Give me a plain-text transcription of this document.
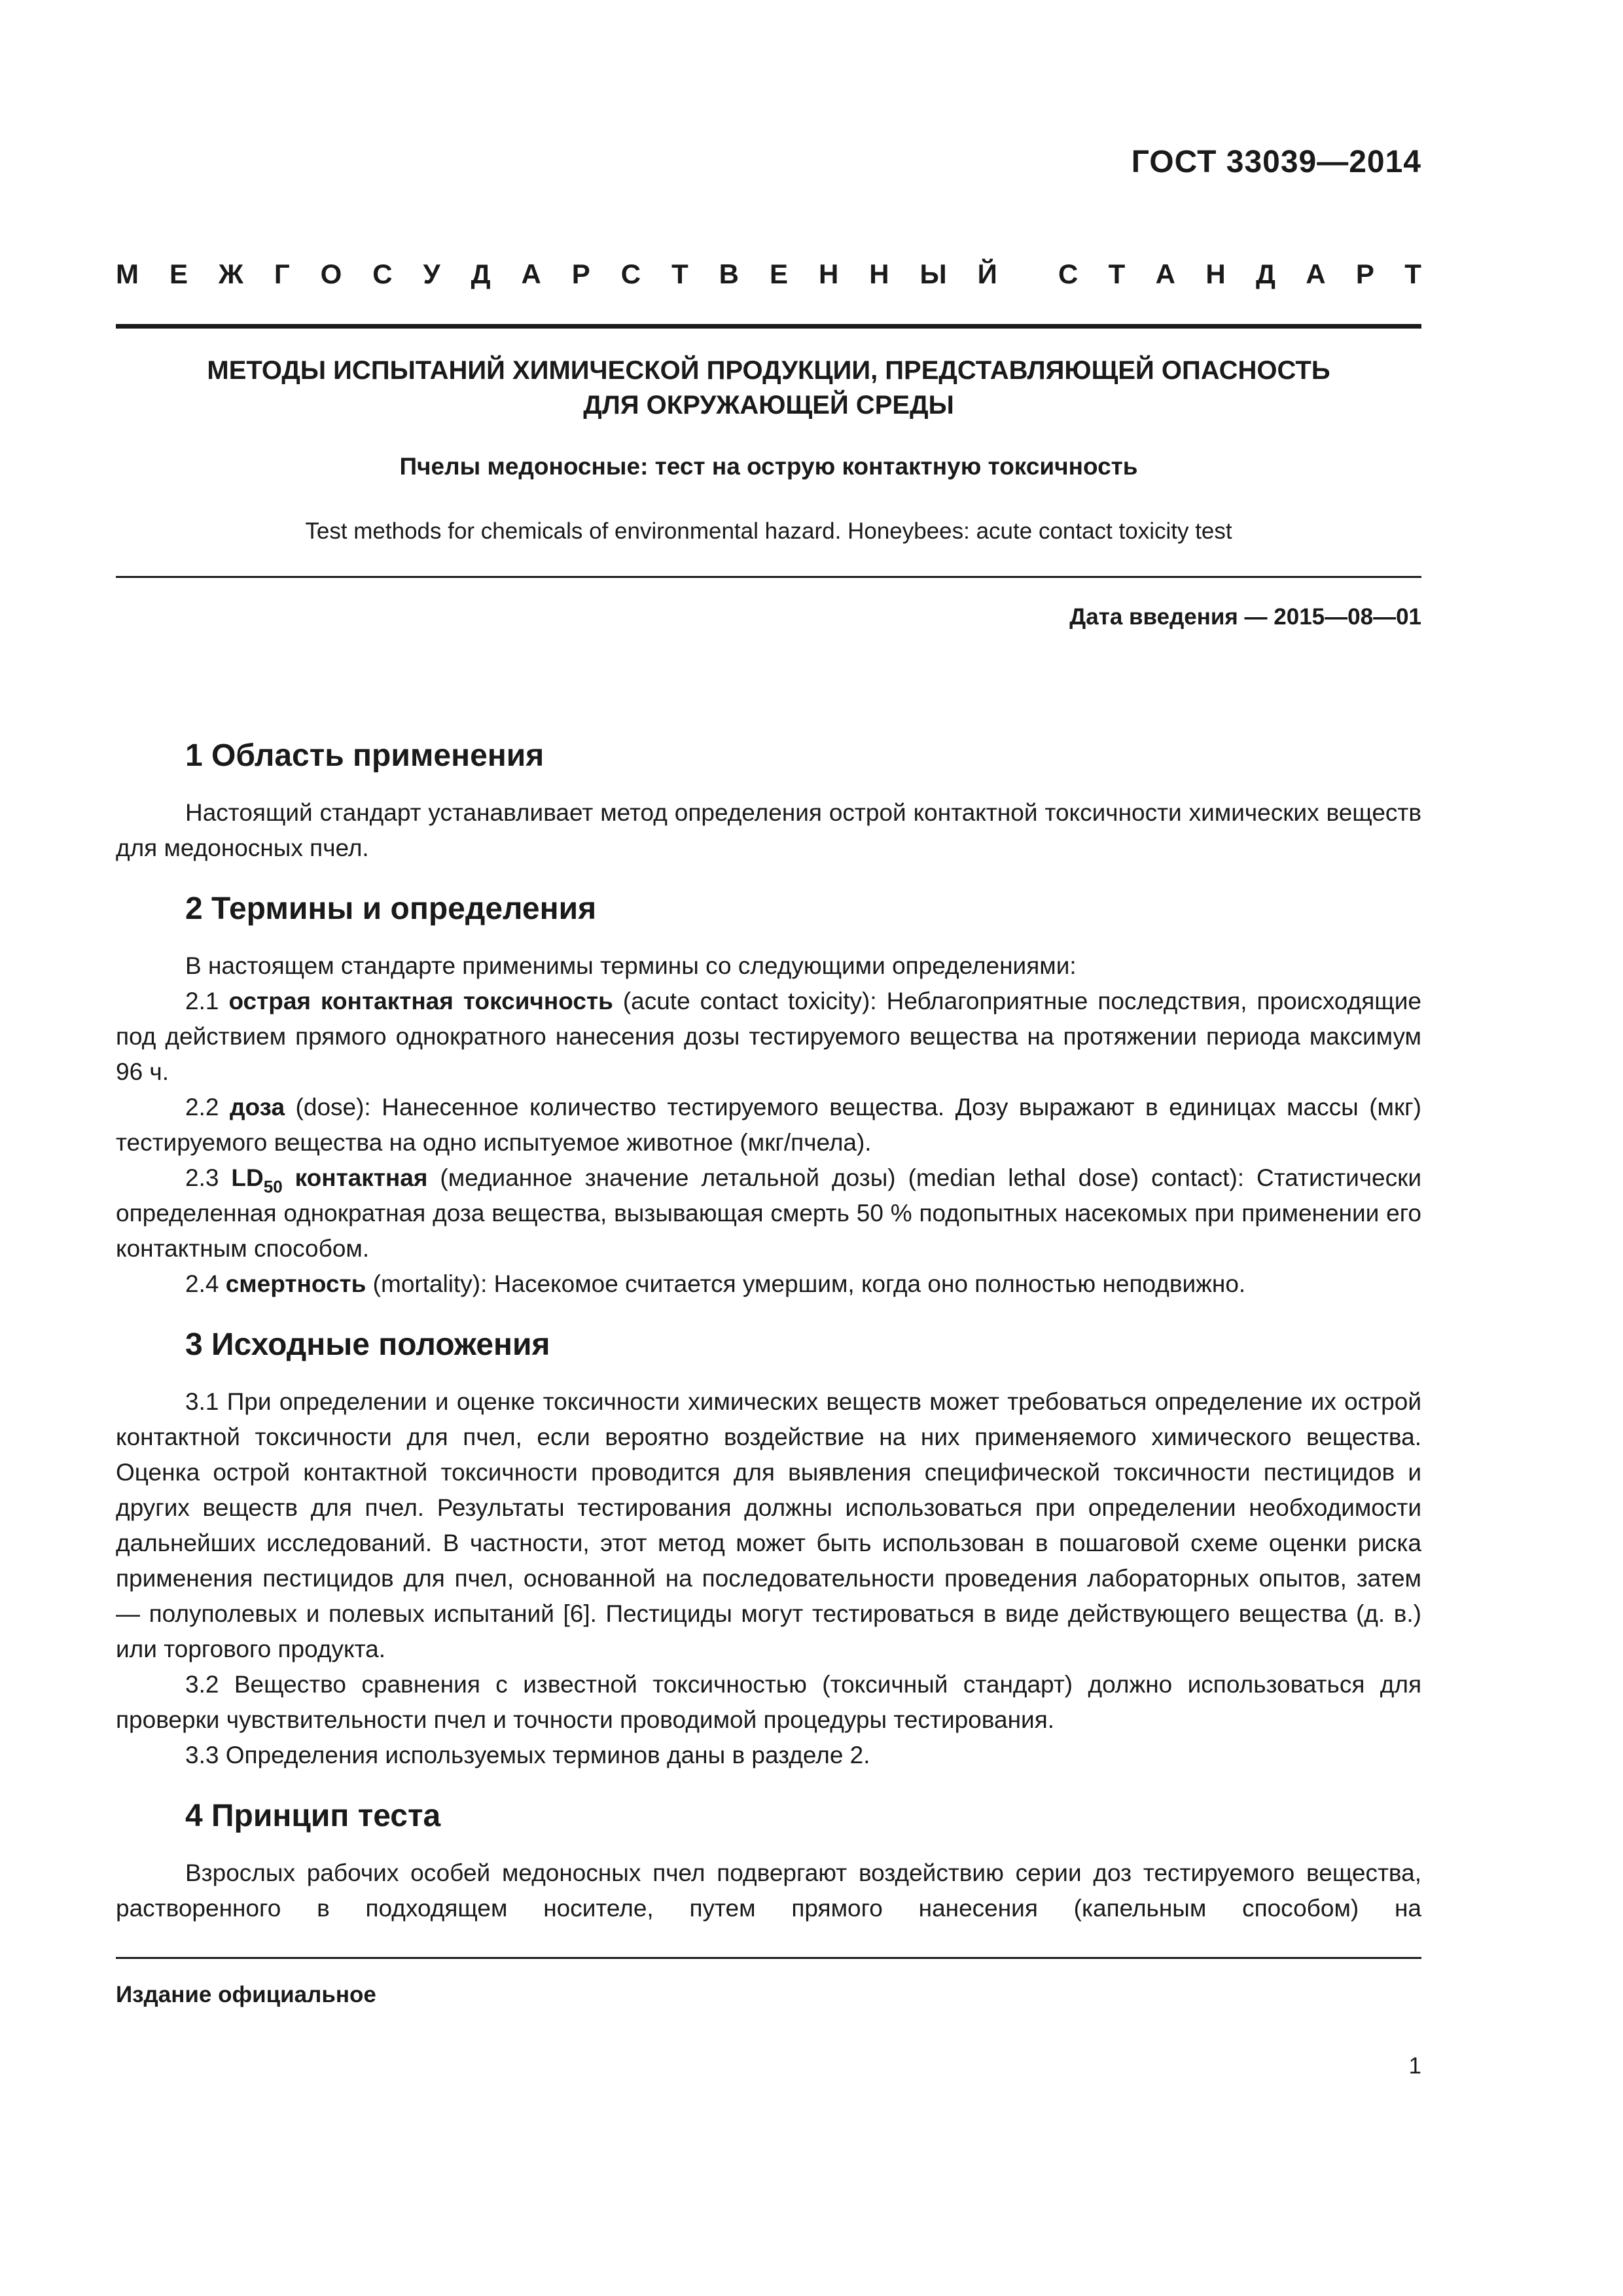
ГОСТ 33039—2014
М Е Ж Г О С У Д А Р С Т В Е Н Н Ы Й С Т А Н Д А Р Т
МЕТОДЫ ИСПЫТАНИЙ ХИМИЧЕСКОЙ ПРОДУКЦИИ, ПРЕДСТАВЛЯЮЩЕЙ ОПАСНОСТЬ
ДЛЯ ОКРУЖАЮЩЕЙ СРЕДЫ
Пчелы медоносные: тест на острую контактную токсичность
Test methods for chemicals of environmental hazard. Honeybees: acute contact toxicity test
Дата введения — 2015—08—01
1 Область применения

Настоящий стандарт устанавливает метод определения острой контактной токсичности химических веществ для медоносных пчел.

2 Термины и определения

В настоящем стандарте применимы термины со следующими определениями:

2.1 острая контактная токсичность (acute contact toxicity): Неблагоприятные последствия, происходящие под действием прямого однократного нанесения дозы тестируемого вещества на протяжении периода максимум 96 ч.

2.2 доза (dose): Нанесенное количество тестируемого вещества. Дозу выражают в единицах массы (мкг) тестируемого вещества на одно испытуемое животное (мкг/пчела).

2.3 $LD_{50}$ контактная (медианное значение летальной дозы) (median lethal dose) contact): Статистически определенная однократная доза вещества, вызывающая смерть 50 % подопытных насекомых при применении его контактным способом.

2.4 смертность (mortality): Насекомое считается умершим, когда оно полностью неподвижно.

3 Исходные положения

3.1 При определении и оценке токсичности химических веществ может требоваться определение их острой контактной токсичности для пчел, если вероятно воздействие на них применяемого химического вещества. Оценка острой контактной токсичности проводится для выявления специфической токсичности пестицидов и других веществ для пчел. Результаты тестирования должны использоваться при определении необходимости дальнейших исследований. В частности, этот метод может быть использован в пошаговой схеме оценки риска применения пестицидов для пчел, основанной на последовательности проведения лабораторных опытов, затем — полуполевых и полевых испытаний [6]. Пестициды могут тестироваться в виде действующего вещества (д. в.) или торгового продукта.

3.2 Вещество сравнения с известной токсичностью (токсичный стандарт) должно использоваться для проверки чувствительности пчел и точности проводимой процедуры тестирования.

3.3 Определения используемых терминов даны в разделе 2.

4 Принцип теста

Взрослых рабочих особей медоносных пчел подвергают воздействию серии доз тестируемого вещества, растворенного в подходящем носителе, путем прямого нанесения (капельным способом) на

Издание официальное
1
